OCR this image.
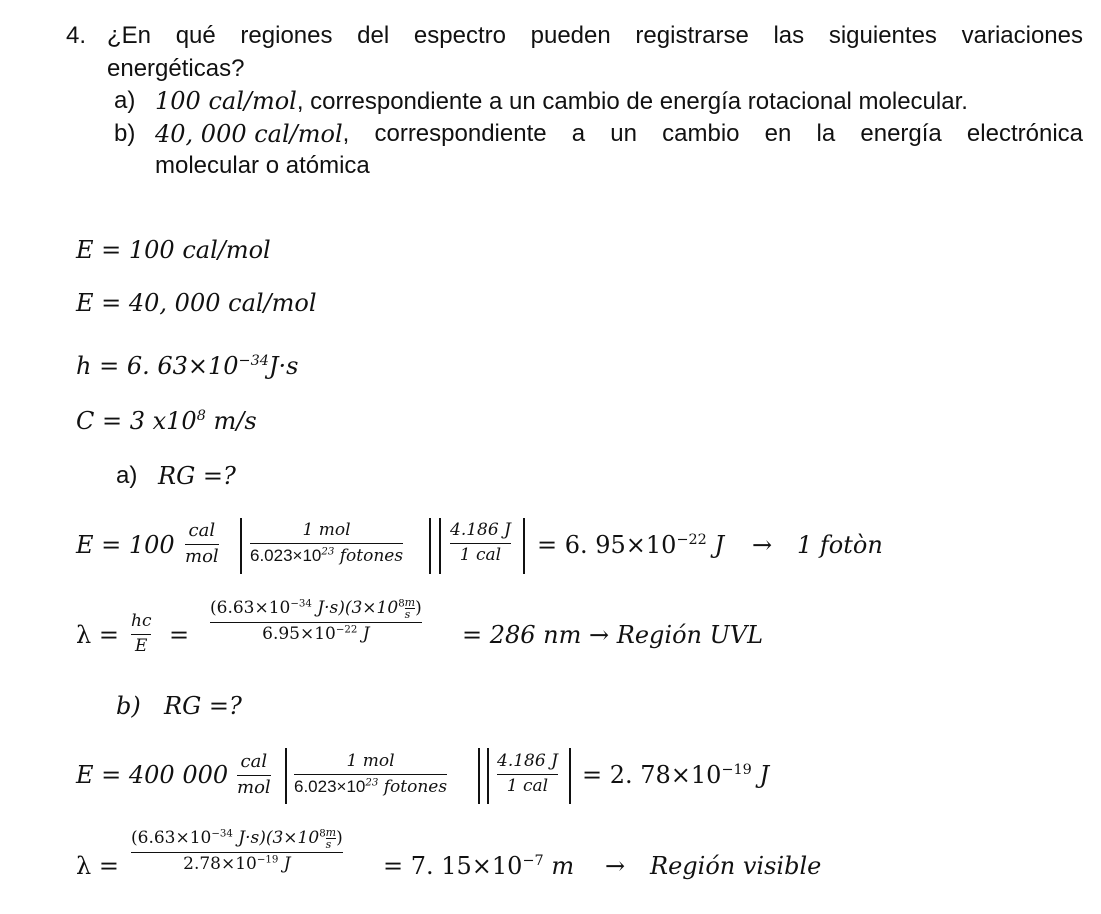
4. ¿En qué regiones del espectro pueden registrarse las siguientes variaciones
energéticas?
a) 100 cal/mol, correspondiente a un cambio de energía rotacional molecular.
b) 40, 000 cal/mol , correspondiente a un cambio en la energía electrónica
molecular o atómica
E = 100 cal/mol
E = 40, 000 cal/mol
h = 6. $63\times 10^{-34}J\cdot s$
C = 3 $x10^8$ m/s
a) RG =?
E = 100
cal
mol
1 mol
$6.023\times 10^{23}$ fotones
4.186 J
1 cal = 6. $95\times 10^{-22}$ J → 1 fotòn
λ = hc
E =
($6.63\times 10^{-34}$ $J\cdot s)(3\times 10^8 \frac{m}{s}$ )
$6.95\times 10^{-22}$ J	= 286 nm → Región UVL
b) RG =?
E = 400 000 cal
mol
1 mol
$6.023\times 10^{23}$ fotones
4.186 J
1 cal = 2. $78\times 10^{-19}$ J
λ =
($6.63\times 10^{-34}$ $J\cdot s)(3\times 10^8 \frac{m}{s}$ )
$2.78\times 10^{-19}$ J	= 7. $15\times 10^{-7}$ m → Región visible
